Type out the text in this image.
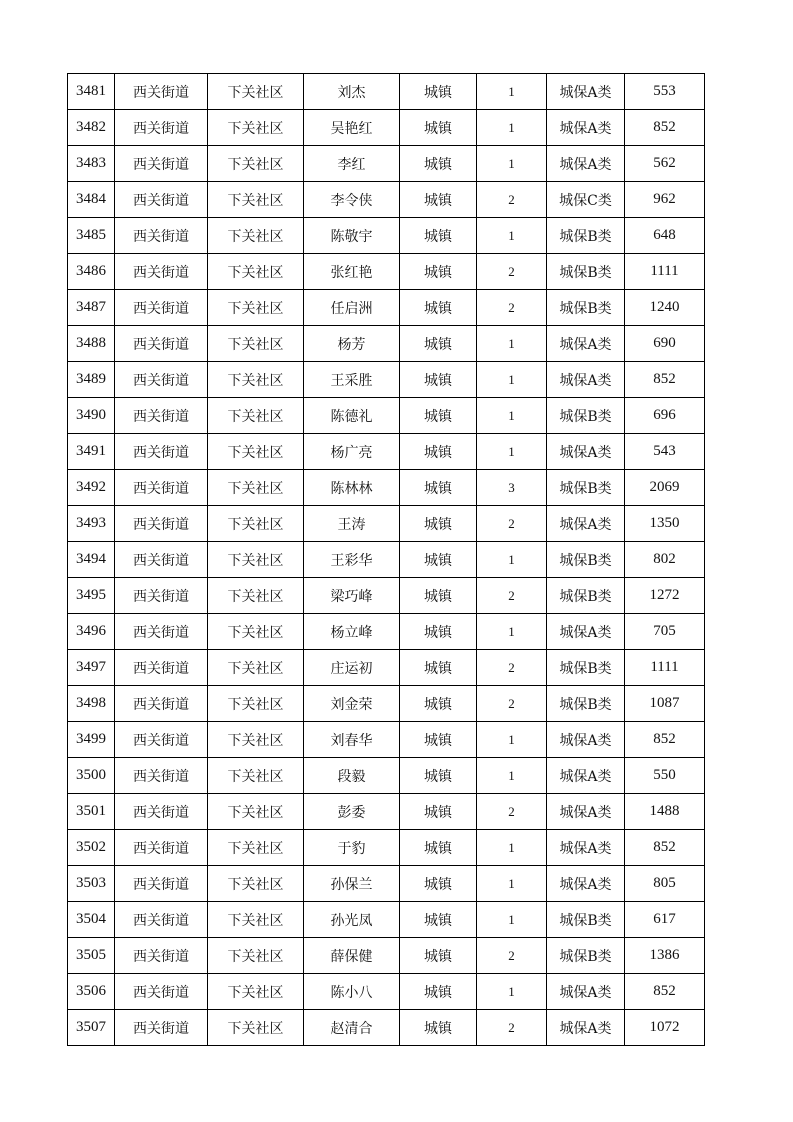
3481	西关街道	下关社区	刘杰	城镇	1	城保A类	553
3482	西关街道	下关社区	吴艳红	城镇	1	城保A类	852
3483	西关街道	下关社区	李红	城镇	1	城保A类	562
3484	西关街道	下关社区	李令侠	城镇	2	城保C类	962
3485	西关街道	下关社区	陈敬宇	城镇	1	城保B类	648
3486	西关街道	下关社区	张红艳	城镇	2	城保B类	1111
3487	西关街道	下关社区	任启洲	城镇	2	城保B类	1240
3488	西关街道	下关社区	杨芳	城镇	1	城保A类	690
3489	西关街道	下关社区	王采胜	城镇	1	城保A类	852
3490	西关街道	下关社区	陈德礼	城镇	1	城保B类	696
3491	西关街道	下关社区	杨广亮	城镇	1	城保A类	543
3492	西关街道	下关社区	陈林林	城镇	3	城保B类	2069
3493	西关街道	下关社区	王涛	城镇	2	城保A类	1350
3494	西关街道	下关社区	王彩华	城镇	1	城保B类	802
3495	西关街道	下关社区	梁巧峰	城镇	2	城保B类	1272
3496	西关街道	下关社区	杨立峰	城镇	1	城保A类	705
3497	西关街道	下关社区	庄运初	城镇	2	城保B类	1111
3498	西关街道	下关社区	刘金荣	城镇	2	城保B类	1087
3499	西关街道	下关社区	刘春华	城镇	1	城保A类	852
3500	西关街道	下关社区	段毅	城镇	1	城保A类	550
3501	西关街道	下关社区	彭委	城镇	2	城保A类	1488
3502	西关街道	下关社区	于豹	城镇	1	城保A类	852
3503	西关街道	下关社区	孙保兰	城镇	1	城保A类	805
3504	西关街道	下关社区	孙光凤	城镇	1	城保B类	617
3505	西关街道	下关社区	薛保健	城镇	2	城保B类	1386
3506	西关街道	下关社区	陈小八	城镇	1	城保A类	852
3507	西关街道	下关社区	赵清合	城镇	2	城保A类	1072
